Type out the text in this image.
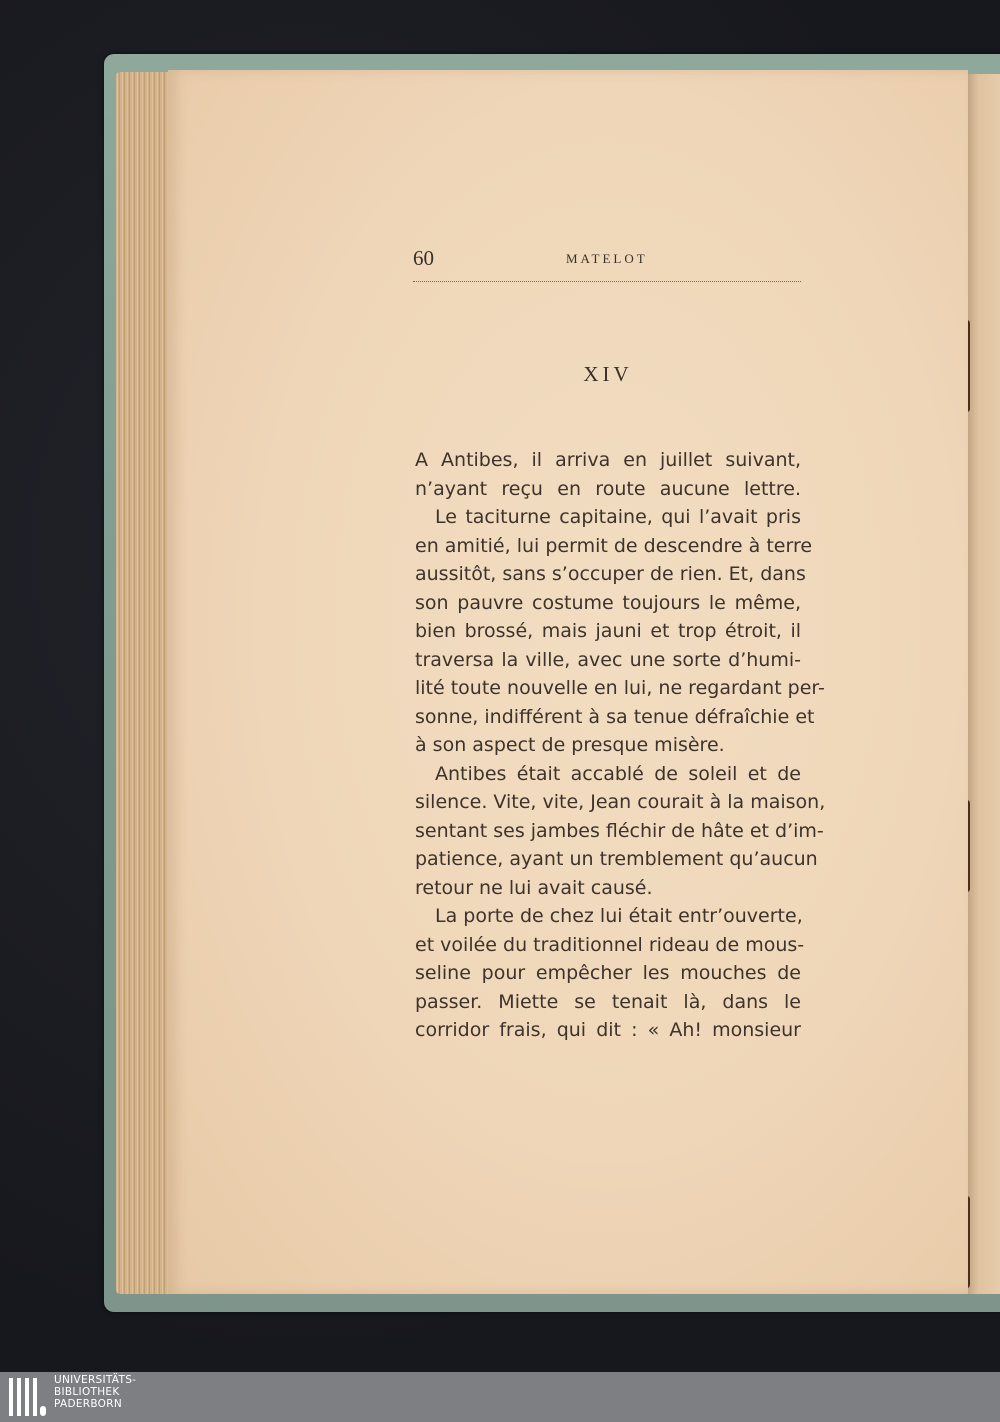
60	MATELOT
XIV
A Antibes, il arriva en juillet suivant,
n’ayant reçu en route aucune lettre.
Le taciturne capitaine, qui l’avait pris
en amitié, lui permit de descendre à terre
aussitôt, sans s’occuper de rien. Et, dans
son pauvre costume toujours le même,
bien brossé, mais jauni et trop étroit, il
traversa la ville, avec une sorte d’humi-
lité toute nouvelle en lui, ne regardant per-
sonne, indifférent à sa tenue défraîchie et
à son aspect de presque misère.
Antibes était accablé de soleil et de
silence. Vite, vite, Jean courait à la maison,
sentant ses jambes fléchir de hâte et d’im-
patience, ayant un tremblement qu’aucun
retour ne lui avait causé.
La porte de chez lui était entr’ouverte,
et voilée du traditionnel rideau de mous-
seline pour empêcher les mouches de
passer. Miette se tenait là, dans le
corridor frais, qui dit : « Ah! monsieur
UNIVERSITÄTS-
BIBLIOTHEK
PADERBORN
